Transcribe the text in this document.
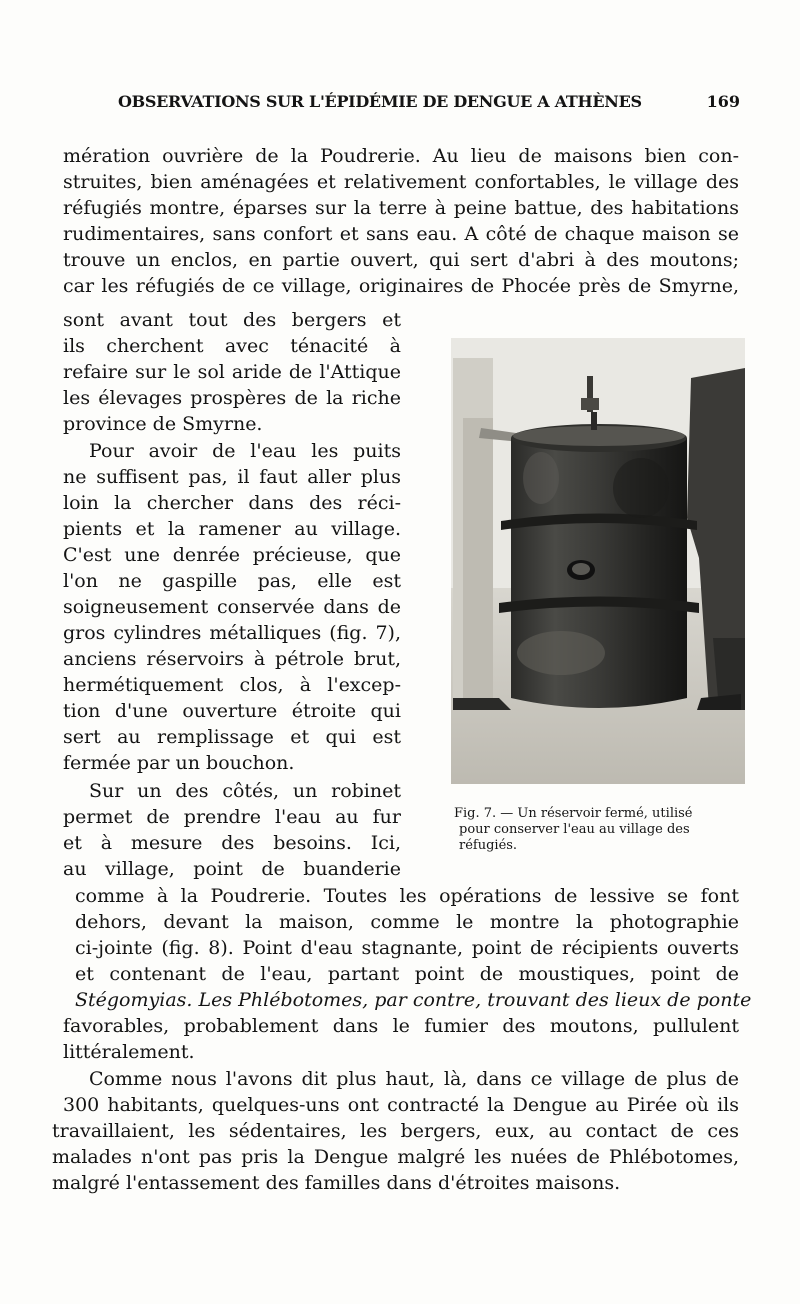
OBSERVATIONS SUR L'ÉPIDÉMIE DE DENGUE A ATHÈNES	169
mération ouvrière de la Poudrerie. Au lieu de maisons bien con-
struites, bien aménagées et relativement confortables, le village des
réfugiés montre, éparses sur la terre à peine battue, des habitations
rudimentaires, sans confort et sans eau. A côté de chaque maison se
trouve un enclos, en partie ouvert, qui sert d'abri à des moutons;
car les réfugiés de ce village, originaires de Phocée près de Smyrne,
sont avant tout des bergers et
ils cherchent avec ténacité à
refaire sur le sol aride de l'Attique
les élevages prospères de la riche
province de Smyrne.
Pour avoir de l'eau les puits
ne suffisent pas, il faut aller plus
loin la chercher dans des réci-
pients et la ramener au village.
C'est une denrée précieuse, que
l'on ne gaspille pas, elle est
soigneusement conservée dans de
gros cylindres métalliques (fig. 7),
anciens réservoirs à pétrole brut,
hermétiquement clos, à l'excep-
tion d'une ouverture étroite qui
sert au remplissage et qui est
fermée par un bouchon.
Sur un des côtés, un robinet
permet de prendre l'eau au fur
et à mesure des besoins. Ici,
au village, point de buanderie
comme à la Poudrerie. Toutes les opérations de lessive se font
dehors, devant la maison, comme le montre la photographie
ci-jointe (fig. 8). Point d'eau stagnante, point de récipients ouverts
et contenant de l'eau, partant point de moustiques, point de
Stégomyias. Les Phlébotomes, par contre, trouvant des lieux de ponte
favorables, probablement dans le fumier des moutons, pullulent
littéralement.
Comme nous l'avons dit plus haut, là, dans ce village de plus de
300 habitants, quelques-uns ont contracté la Dengue au Pirée où ils
travaillaient, les sédentaires, les bergers, eux, au contact de ces
malades n'ont pas pris la Dengue malgré les nuées de Phlébotomes,
malgré l'entassement des familles dans d'étroites maisons.
Fig. 7. — Un réservoir fermé, utilisé
pour conserver l'eau au village des
réfugiés.
